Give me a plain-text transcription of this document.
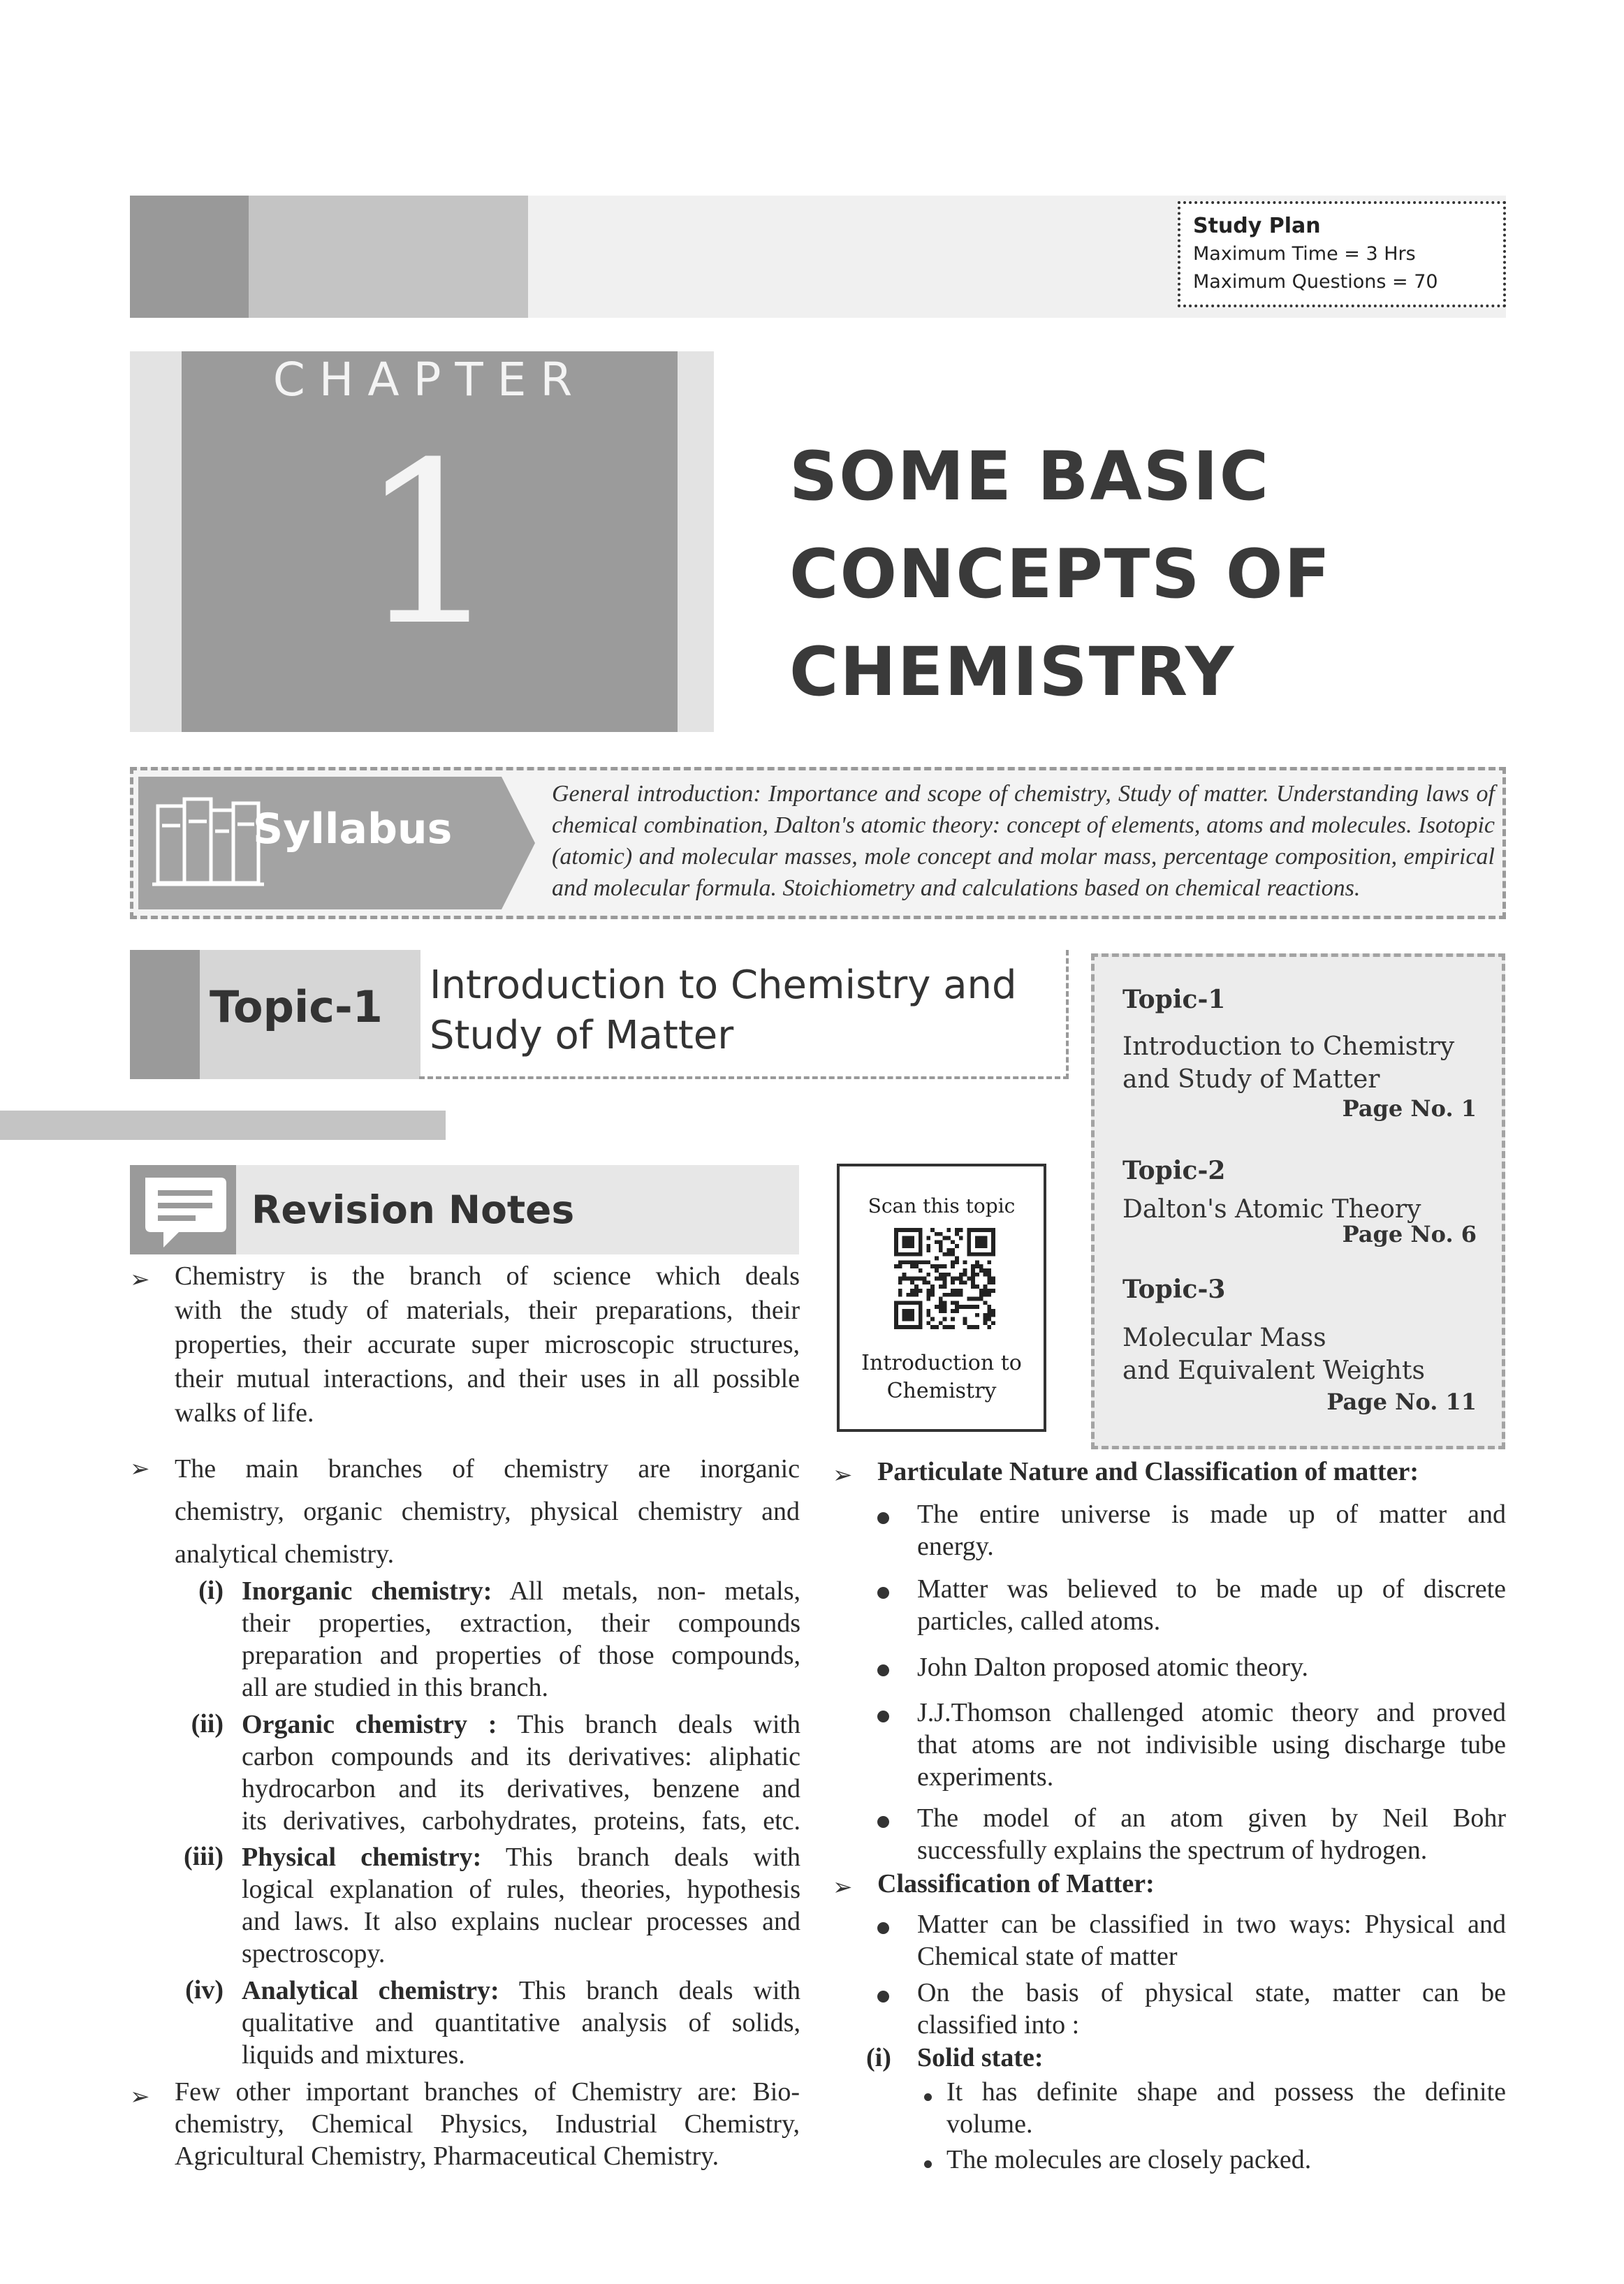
Study Plan
Maximum Time = 3 Hrs
Maximum Questions = 70
CHAPTER
1	SOME BASIC
CONCEPTS OF
CHEMISTRY
Syllabus
General introduction: Importance and scope of chemistry, Study of matter. Understanding laws of chemical combination, Dalton's atomic theory: concept of elements, atoms and molecules. Isotopic (atomic) and molecular masses, mole concept and molar mass, percentage composition, empirical and molecular formula. Stoichiometry and calculations based on chemical reactions.
Topic-1 Introduction to Chemistry and
Study of Matter
Topic-1
Introduction to Chemistry
and Study of Matter
Page No. 1
Topic-2
Dalton's Atomic Theory
Page No. 6
Topic-3
Molecular Mass
and Equivalent Weights
Page No. 11
Revision Notes	Scan this topic
Introduction to
Chemistry
➢ Chemistry is the branch of science which deals
with the study of materials, their preparations, their
properties, their accurate super microscopic structures,
their mutual interactions, and their uses in all possible
walks of life.
➢ The main branches of chemistry are inorganic
chemistry, organic chemistry, physical chemistry and
analytical chemistry.
(i) Inorganic chemistry: All metals, non- metals,
their properties, extraction, their compounds
preparation and properties of those compounds,
all are studied in this branch.
(ii) Organic chemistry : This branch deals with
carbon compounds and its derivatives: aliphatic
hydrocarbon and its derivatives, benzene and
its derivatives, carbohydrates, proteins, fats, etc.
(iii) Physical chemistry: This branch deals with
logical explanation of rules, theories, hypothesis
and laws. It also explains nuclear processes and
spectroscopy.
(iv) Analytical chemistry: This branch deals with
qualitative and quantitative analysis of solids,
liquids and mixtures.
➢ Few other important branches of Chemistry are: Bio-
chemistry, Chemical Physics, Industrial Chemistry,
Agricultural Chemistry, Pharmaceutical Chemistry.
➢ Particulate Nature and Classification of matter:
The entire universe is made up of matter and
energy.
Matter was believed to be made up of discrete
particles, called atoms.
John Dalton proposed atomic theory.
J.J.Thomson challenged atomic theory and proved
that atoms are not indivisible using discharge tube
experiments.
The model of an atom given by Neil Bohr
successfully explains the spectrum of hydrogen.
➢ Classification of Matter:
Matter can be classified in two ways: Physical and
Chemical state of matter
On the basis of physical state, matter can be
classified into :
(i) Solid state:
It has definite shape and possess the definite
volume.
The molecules are closely packed.
